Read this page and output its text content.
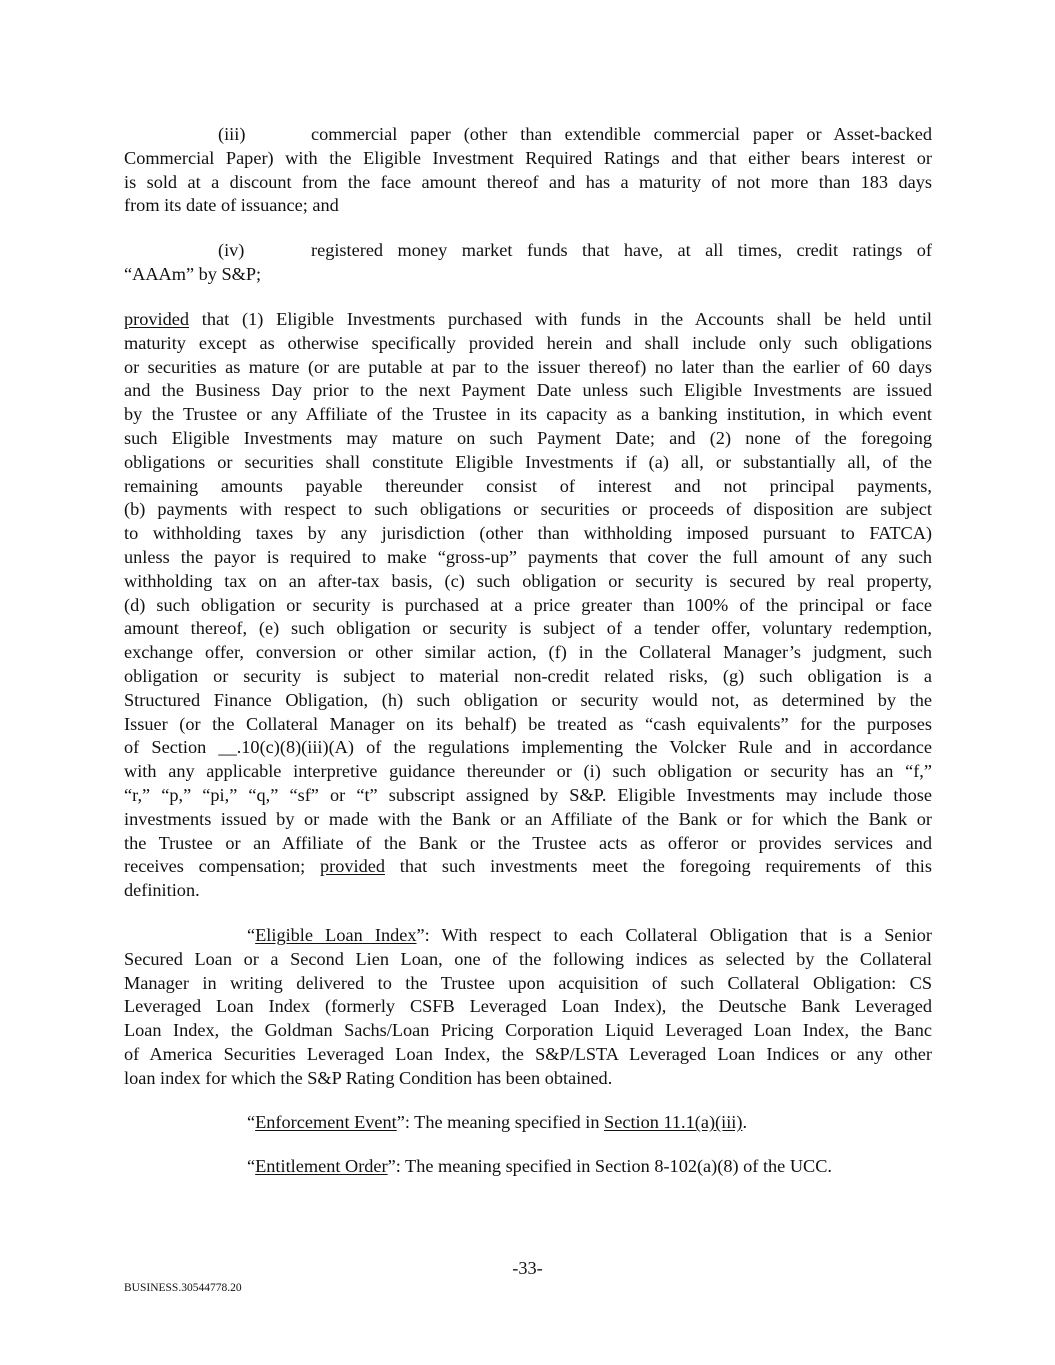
(iii)	commercial paper (other than extendible commercial paper or Asset-backed
Commercial Paper) with the Eligible Investment Required Ratings and that either bears interest or
is sold at a discount from the face amount thereof and has a maturity of not more than 183 days
from its date of issuance; and
(iv)	registered money market funds that have, at all times, credit ratings of
“AAAm” by S&P;
provided that (1) Eligible Investments purchased with funds in the Accounts shall be held until
maturity except as otherwise specifically provided herein and shall include only such obligations
or securities as mature (or are putable at par to the issuer thereof) no later than the earlier of 60 days
and the Business Day prior to the next Payment Date unless such Eligible Investments are issued
by the Trustee or any Affiliate of the Trustee in its capacity as a banking institution, in which event
such Eligible Investments may mature on such Payment Date; and (2) none of the foregoing
obligations or securities shall constitute Eligible Investments if (a) all, or substantially all, of the
remaining amounts payable thereunder consist of interest and not principal payments,
(b) payments with respect to such obligations or securities or proceeds of disposition are subject
to withholding taxes by any jurisdiction (other than withholding imposed pursuant to FATCA)
unless the payor is required to make “gross-up” payments that cover the full amount of any such
withholding tax on an after-tax basis, (c) such obligation or security is secured by real property,
(d) such obligation or security is purchased at a price greater than 100% of the principal or face
amount thereof, (e) such obligation or security is subject of a tender offer, voluntary redemption,
exchange offer, conversion or other similar action, (f) in the Collateral Manager’s judgment, such
obligation or security is subject to material non-credit related risks, (g) such obligation is a
Structured Finance Obligation, (h) such obligation or security would not, as determined by the
Issuer (or the Collateral Manager on its behalf) be treated as “cash equivalents” for the purposes
of Section __.10(c)(8)(iii)(A) of the regulations implementing the Volcker Rule and in accordance
with any applicable interpretive guidance thereunder or (i) such obligation or security has an “f,”
“r,” “p,” “pi,” “q,” “sf” or “t” subscript assigned by S&P. Eligible Investments may include those
investments issued by or made with the Bank or an Affiliate of the Bank or for which the Bank or
the Trustee or an Affiliate of the Bank or the Trustee acts as offeror or provides services and
receives compensation; provided that such investments meet the foregoing requirements of this
definition.
“Eligible Loan Index”: With respect to each Collateral Obligation that is a Senior
Secured Loan or a Second Lien Loan, one of the following indices as selected by the Collateral
Manager in writing delivered to the Trustee upon acquisition of such Collateral Obligation: CS
Leveraged Loan Index (formerly CSFB Leveraged Loan Index), the Deutsche Bank Leveraged
Loan Index, the Goldman Sachs/Loan Pricing Corporation Liquid Leveraged Loan Index, the Banc
of America Securities Leveraged Loan Index, the S&P/LSTA Leveraged Loan Indices or any other
loan index for which the S&P Rating Condition has been obtained.
“Enforcement Event”: The meaning specified in Section 11.1(a)(iii).
“Entitlement Order”: The meaning specified in Section 8-102(a)(8) of the UCC.
-33-
BUSINESS.30544778.20
